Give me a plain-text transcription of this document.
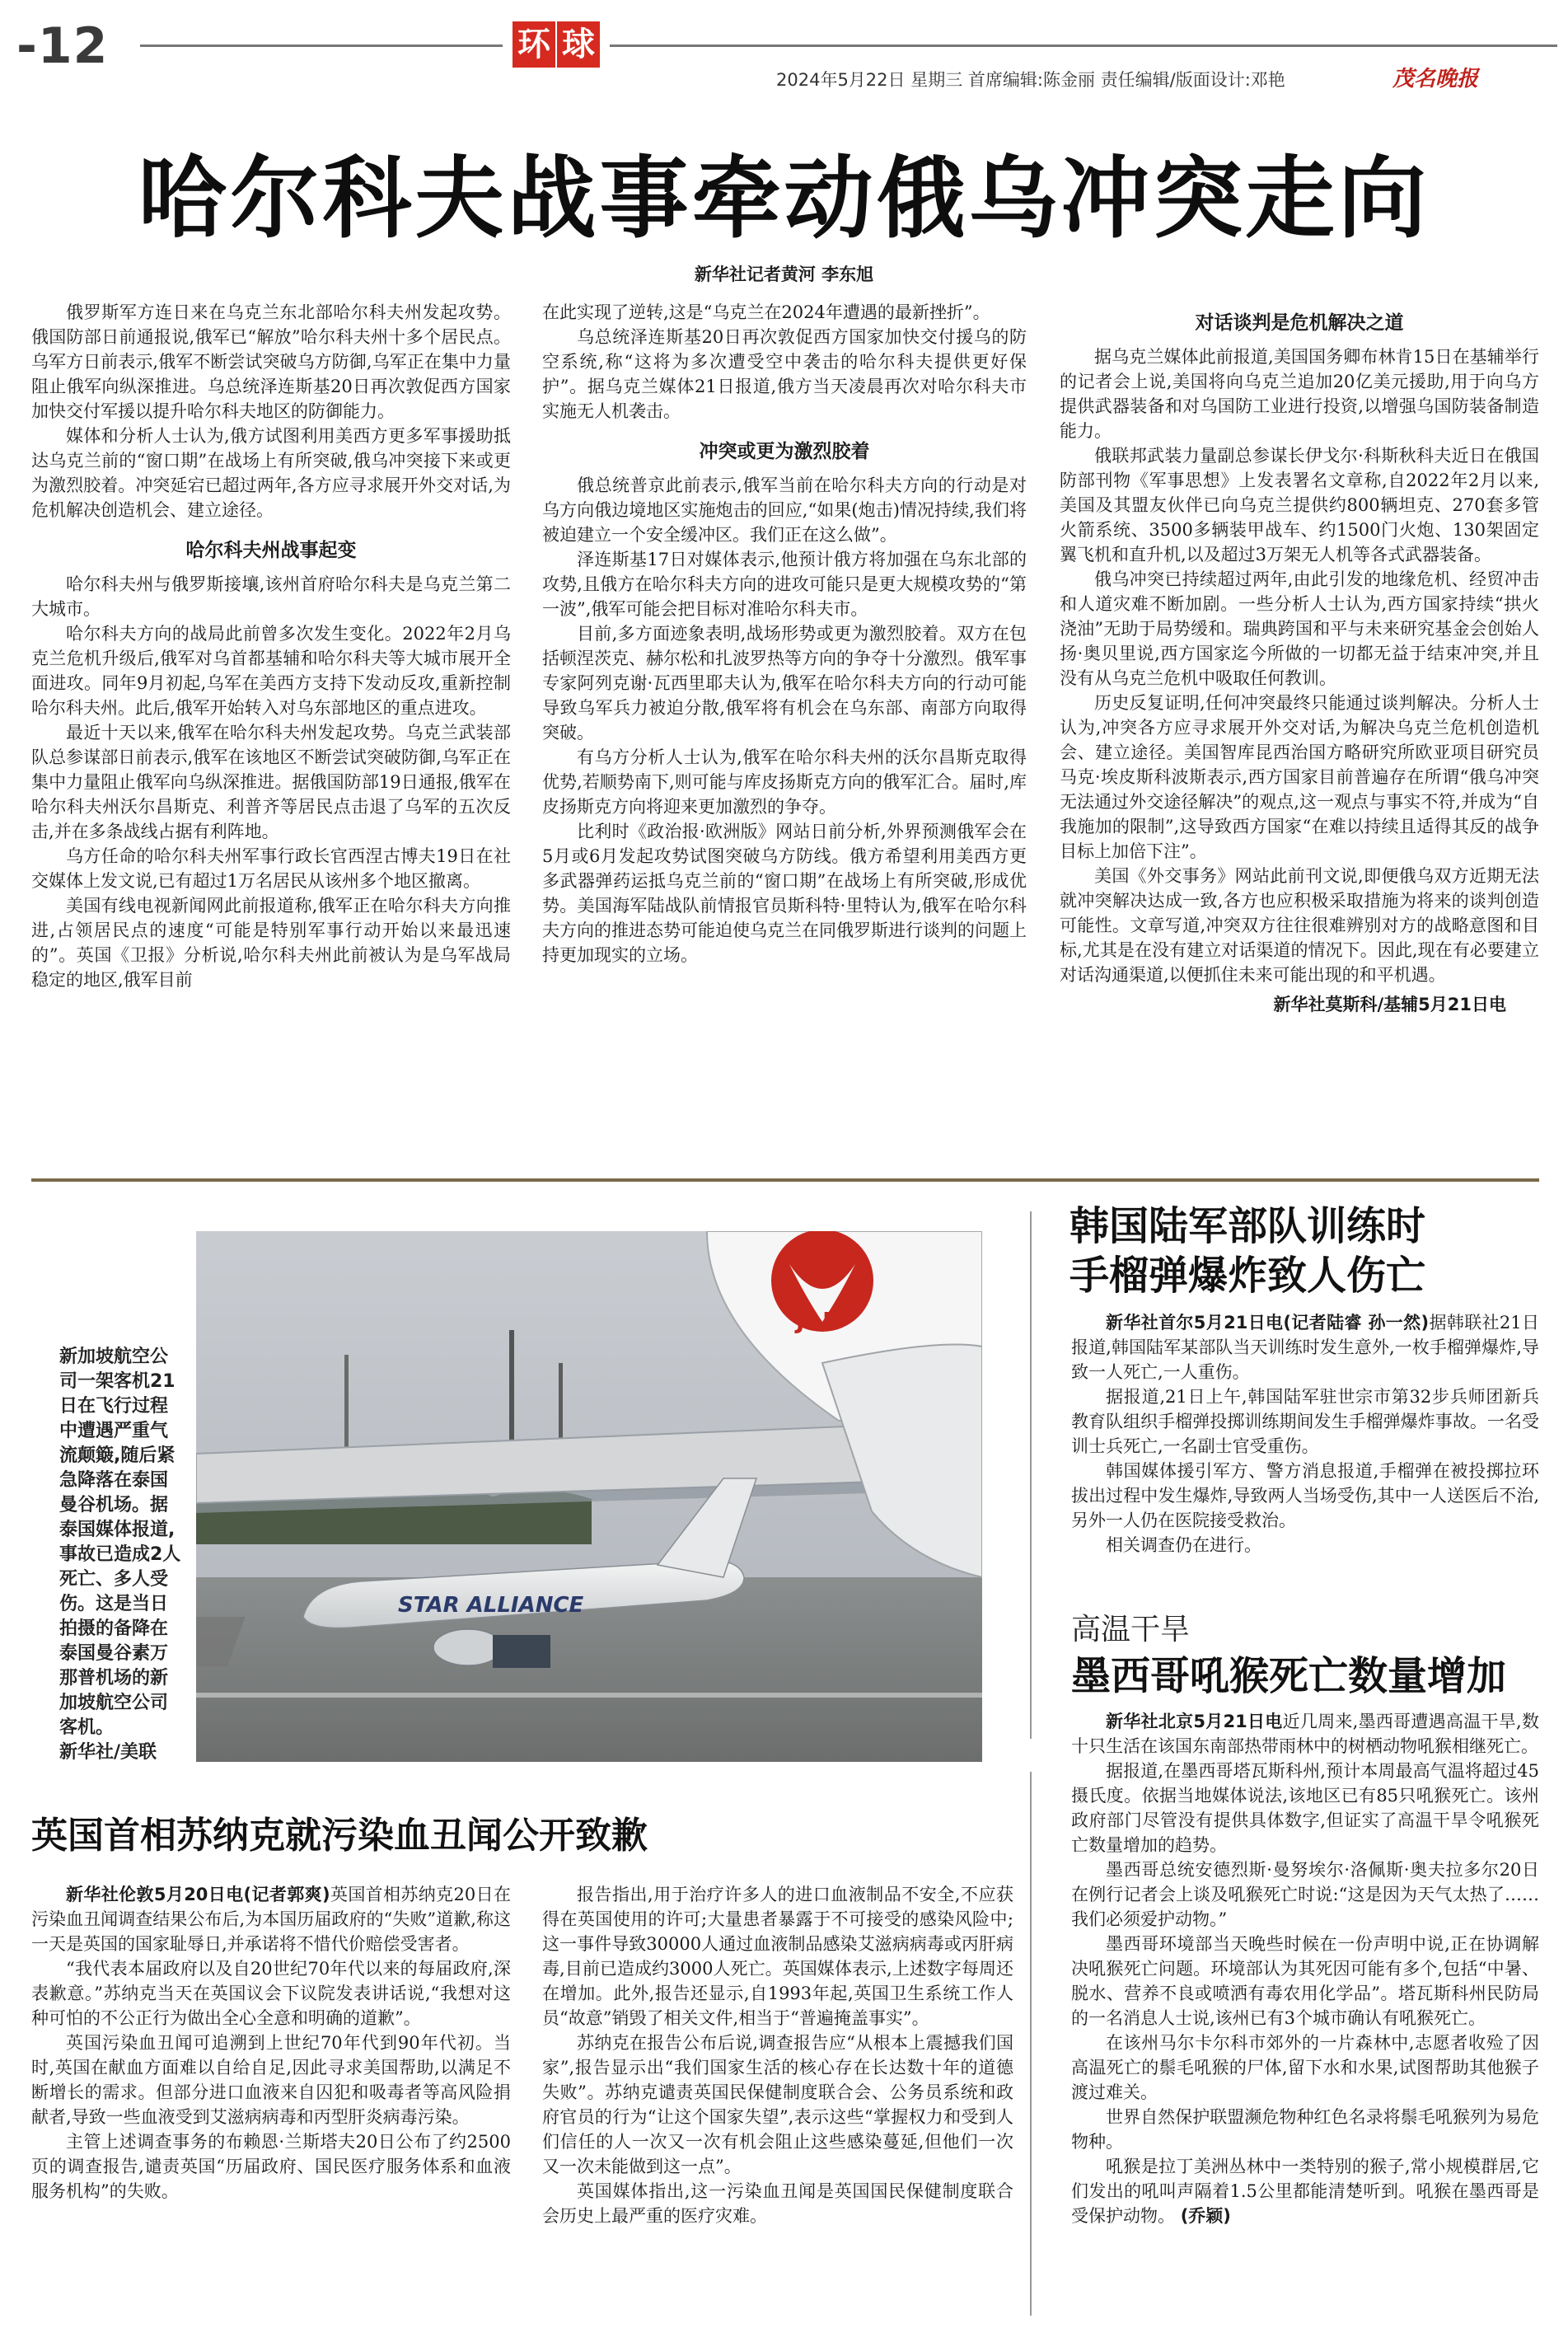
-12	环 球
2024年5月22日 星期三 首席编辑:陈金丽 责任编辑/版面设计:邓艳	茂名晚报
哈尔科夫战事牵动俄乌冲突走向
新华社记者黄河 李东旭

俄罗斯军方连日来在乌克兰东北部哈尔科夫州发起攻势。俄国防部日前通报说,俄军已“解放”哈尔科夫州十多个居民点。乌军方日前表示,俄军不断尝试突破乌方防御,乌军正在集中力量阻止俄军向纵深推进。乌总统泽连斯基20日再次敦促西方国家加快交付军援以提升哈尔科夫地区的防御能力。

媒体和分析人士认为,俄方试图利用美西方更多军事援助抵达乌克兰前的“窗口期”在战场上有所突破,俄乌冲突接下来或更为激烈胶着。冲突延宕已超过两年,各方应寻求展开外交对话,为危机解决创造机会、建立途径。

哈尔科夫州战事起变

哈尔科夫州与俄罗斯接壤,该州首府哈尔科夫是乌克兰第二大城市。

哈尔科夫方向的战局此前曾多次发生变化。2022年2月乌克兰危机升级后,俄军对乌首都基辅和哈尔科夫等大城市展开全面进攻。同年9月初起,乌军在美西方支持下发动反攻,重新控制哈尔科夫州。此后,俄军开始转入对乌东部地区的重点进攻。

最近十天以来,俄军在哈尔科夫州发起攻势。乌克兰武装部队总参谋部日前表示,俄军在该地区不断尝试突破防御,乌军正在集中力量阻止俄军向乌纵深推进。据俄国防部19日通报,俄军在哈尔科夫州沃尔昌斯克、利普齐等居民点击退了乌军的五次反击,并在多条战线占据有利阵地。

乌方任命的哈尔科夫州军事行政长官西涅古博夫19日在社交媒体上发文说,已有超过1万名居民从该州多个地区撤离。

美国有线电视新闻网此前报道称,俄军正在哈尔科夫方向推进,占领居民点的速度“可能是特别军事行动开始以来最迅速的”。英国《卫报》分析说,哈尔科夫州此前被认为是乌军战局稳定的地区,俄军目前

在此实现了逆转,这是“乌克兰在2024年遭遇的最新挫折”。

乌总统泽连斯基20日再次敦促西方国家加快交付援乌的防空系统,称“这将为多次遭受空中袭击的哈尔科夫提供更好保护”。据乌克兰媒体21日报道,俄方当天凌晨再次对哈尔科夫市实施无人机袭击。

冲突或更为激烈胶着

俄总统普京此前表示,俄军当前在哈尔科夫方向的行动是对乌方向俄边境地区实施炮击的回应,“如果(炮击)情况持续,我们将被迫建立一个安全缓冲区。我们正在这么做”。

泽连斯基17日对媒体表示,他预计俄方将加强在乌东北部的攻势,且俄方在哈尔科夫方向的进攻可能只是更大规模攻势的“第一波”,俄军可能会把目标对准哈尔科夫市。

目前,多方面迹象表明,战场形势或更为激烈胶着。双方在包括顿涅茨克、赫尔松和扎波罗热等方向的争夺十分激烈。俄军事专家阿列克谢·瓦西里耶夫认为,俄军在哈尔科夫方向的行动可能导致乌军兵力被迫分散,俄军将有机会在乌东部、南部方向取得突破。

有乌方分析人士认为,俄军在哈尔科夫州的沃尔昌斯克取得优势,若顺势南下,则可能与库皮扬斯克方向的俄军汇合。届时,库皮扬斯克方向将迎来更加激烈的争夺。

比利时《政治报·欧洲版》网站日前分析,外界预测俄军会在5月或6月发起攻势试图突破乌方防线。俄方希望利用美西方更多武器弹药运抵乌克兰前的“窗口期”在战场上有所突破,形成优势。美国海军陆战队前情报官员斯科特·里特认为,俄军在哈尔科夫方向的推进态势可能迫使乌克兰在同俄罗斯进行谈判的问题上持更加现实的立场。

对话谈判是危机解决之道

据乌克兰媒体此前报道,美国国务卿布林肯15日在基辅举行的记者会上说,美国将向乌克兰追加20亿美元援助,用于向乌方提供武器装备和对乌国防工业进行投资,以增强乌国防装备制造能力。

俄联邦武装力量副总参谋长伊戈尔·科斯秋科夫近日在俄国防部刊物《军事思想》上发表署名文章称,自2022年2月以来,美国及其盟友伙伴已向乌克兰提供约800辆坦克、270套多管火箭系统、3500多辆装甲战车、约1500门火炮、130架固定翼飞机和直升机,以及超过3万架无人机等各式武器装备。

俄乌冲突已持续超过两年,由此引发的地缘危机、经贸冲击和人道灾难不断加剧。一些分析人士认为,西方国家持续“拱火浇油”无助于局势缓和。瑞典跨国和平与未来研究基金会创始人扬·奥贝里说,西方国家迄今所做的一切都无益于结束冲突,并且没有从乌克兰危机中吸取任何教训。

历史反复证明,任何冲突最终只能通过谈判解决。分析人士认为,冲突各方应寻求展开外交对话,为解决乌克兰危机创造机会、建立途径。美国智库昆西治国方略研究所欧亚项目研究员马克·埃皮斯科波斯表示,西方国家目前普遍存在所谓“俄乌冲突无法通过外交途径解决”的观点,这一观点与事实不符,并成为“自我施加的限制”,这导致西方国家“在难以持续且适得其反的战争目标上加倍下注”。

美国《外交事务》网站此前刊文说,即便俄乌双方近期无法就冲突解决达成一致,各方也应积极采取措施为将来的谈判创造可能性。文章写道,冲突双方往往很难辨别对方的战略意图和目标,尤其是在没有建立对话渠道的情况下。因此,现在有必要建立对话沟通渠道,以便抓住未来可能出现的和平机遇。

新华社莫斯科/基辅5月21日电
新加坡航空公司一架客机21日在飞行过程中遭遇严重气流颠簸,随后紧急降落在泰国曼谷机场。据泰国媒体报道,事故已造成2人死亡、多人受伤。这是当日拍摄的备降在泰国曼谷素万那普机场的新加坡航空公司客机。
新华社/美联
STAR ALLIANCE
JAL
韩国陆军部队训练时
手榴弹爆炸致人伤亡

新华社首尔5月21日电(记者陆睿 孙一然)据韩联社21日报道,韩国陆军某部队当天训练时发生意外,一枚手榴弹爆炸,导致一人死亡,一人重伤。

据报道,21日上午,韩国陆军驻世宗市第32步兵师团新兵教育队组织手榴弹投掷训练期间发生手榴弹爆炸事故。一名受训士兵死亡,一名副士官受重伤。

韩国媒体援引军方、警方消息报道,手榴弹在被投掷拉环拔出过程中发生爆炸,导致两人当场受伤,其中一人送医后不治,另外一人仍在医院接受救治。

相关调查仍在进行。

高温干旱
墨西哥吼猴死亡数量增加

新华社北京5月21日电近几周来,墨西哥遭遇高温干旱,数十只生活在该国东南部热带雨林中的树栖动物吼猴相继死亡。

据报道,在墨西哥塔瓦斯科州,预计本周最高气温将超过45摄氏度。依据当地媒体说法,该地区已有85只吼猴死亡。该州政府部门尽管没有提供具体数字,但证实了高温干旱令吼猴死亡数量增加的趋势。

墨西哥总统安德烈斯·曼努埃尔·洛佩斯·奥夫拉多尔20日在例行记者会上谈及吼猴死亡时说:“这是因为天气太热了……我们必须爱护动物。”

墨西哥环境部当天晚些时候在一份声明中说,正在协调解决吼猴死亡问题。环境部认为其死因可能有多个,包括“中暑、脱水、营养不良或喷洒有毒农用化学品”。塔瓦斯科州民防局的一名消息人士说,该州已有3个城市确认有吼猴死亡。

在该州马尔卡尔科市郊外的一片森林中,志愿者收殓了因高温死亡的鬃毛吼猴的尸体,留下水和水果,试图帮助其他猴子渡过难关。

世界自然保护联盟濒危物种红色名录将鬃毛吼猴列为易危物种。

吼猴是拉丁美洲丛林中一类特别的猴子,常小规模群居,它们发出的吼叫声隔着1.5公里都能清楚听到。吼猴在墨西哥是受保护动物。 (乔颖)

英国首相苏纳克就污染血丑闻公开致歉

新华社伦敦5月20日电(记者郭爽)英国首相苏纳克20日在污染血丑闻调查结果公布后,为本国历届政府的“失败”道歉,称这一天是英国的国家耻辱日,并承诺将不惜代价赔偿受害者。

“我代表本届政府以及自20世纪70年代以来的每届政府,深表歉意。”苏纳克当天在英国议会下议院发表讲话说,“我想对这种可怕的不公正行为做出全心全意和明确的道歉”。

英国污染血丑闻可追溯到上世纪70年代到90年代初。当时,英国在献血方面难以自给自足,因此寻求美国帮助,以满足不断增长的需求。但部分进口血液来自囚犯和吸毒者等高风险捐献者,导致一些血液受到艾滋病病毒和丙型肝炎病毒污染。

主管上述调查事务的布赖恩·兰斯塔夫20日公布了约2500页的调查报告,谴责英国“历届政府、国民医疗服务体系和血液服务机构”的失败。

报告指出,用于治疗许多人的进口血液制品不安全,不应获得在英国使用的许可;大量患者暴露于不可接受的感染风险中;这一事件导致30000人通过血液制品感染艾滋病病毒或丙肝病毒,目前已造成约3000人死亡。英国媒体表示,上述数字每周还在增加。此外,报告还显示,自1993年起,英国卫生系统工作人员“故意”销毁了相关文件,相当于“普遍掩盖事实”。

苏纳克在报告公布后说,调查报告应“从根本上震撼我们国家”,报告显示出“我们国家生活的核心存在长达数十年的道德失败”。苏纳克谴责英国民保健制度联合会、公务员系统和政府官员的行为“让这个国家失望”,表示这些“掌握权力和受到人们信任的人一次又一次有机会阻止这些感染蔓延,但他们一次又一次未能做到这一点”。

英国媒体指出,这一污染血丑闻是英国国民保健制度联合会历史上最严重的医疗灾难。
